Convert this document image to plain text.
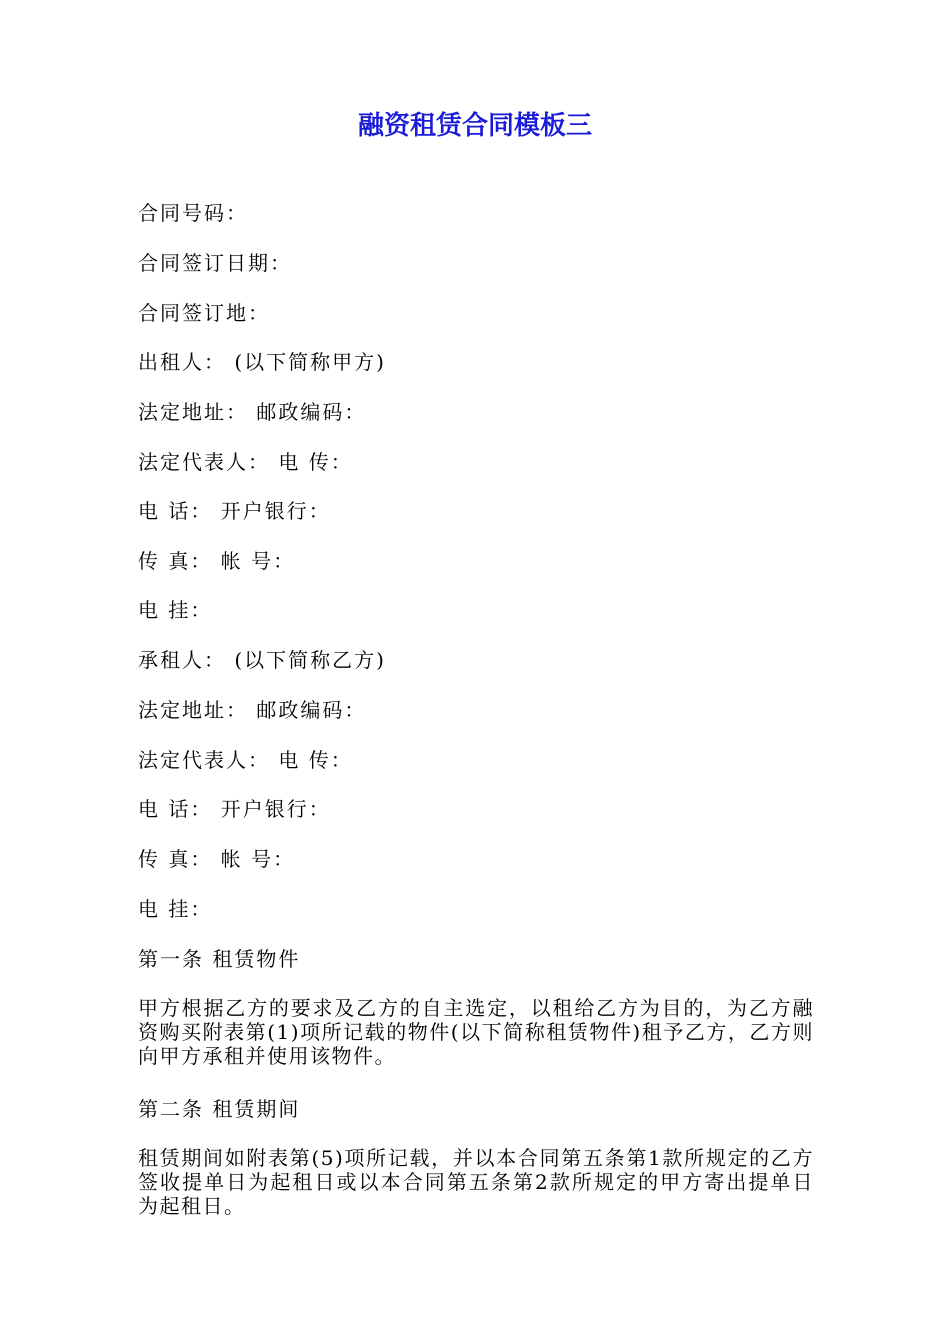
融资租赁合同模板三
合同号码：
合同签订日期：
合同签订地：
出租人： (以下简称甲方)
法定地址： 邮政编码：
法定代表人： 电 传：
电 话： 开户银行：
传 真： 帐 号：
电 挂：
承租人： (以下简称乙方)
法定地址： 邮政编码：
法定代表人： 电 传：
电 话： 开户银行：
传 真： 帐 号：
电 挂：
第一条 租赁物件
甲方根据乙方的要求及乙方的自主选定，以租给乙方为目的，为乙方融资购买附表第(1)项所记载的物件(以下简称租赁物件)租予乙方，乙方则向甲方承租并使用该物件。
第二条 租赁期间
租赁期间如附表第(5)项所记载，并以本合同第五条第1款所规定的乙方签收提单日为起租日或以本合同第五条第2款所规定的甲方寄出提单日为起租日。
